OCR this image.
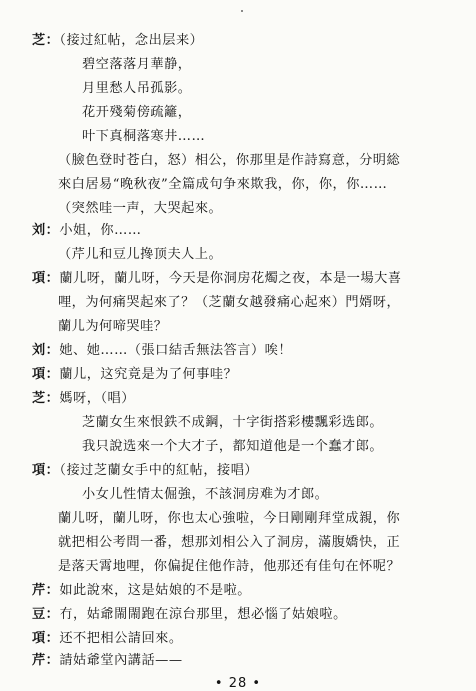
芝：（接过紅帖，念出层来）
碧空落落月華静，
月里愁人吊孤影。
花开殘菊傍疏籬，
叶下真桐落寒井……
（臉色登时苍白，怒）相公，你那里是作詩寫意，分明総
來白居易“晚秋夜”全篇成句争來欺我，你，你，你……
（突然哇一声，大哭起來。
刘：小姐，你……
（芹儿和豆儿搀顶夫人上。
項：蘭儿呀，蘭儿呀，今天是你洞房花燭之夜，本是一場大喜
哩，为何痛哭起來了？（芝蘭女越發痛心起來）門婿呀，
蘭儿为何啼哭哇？
刘：她、她……（張口結舌無法答言）唉！
項：蘭儿，这究竟是为了何事哇？
芝：媽呀，（唱）
芝蘭女生來恨鉄不成鋼，十字街搭彩樓飄彩选郎。
我只說选來一个大才子，都知道他是一个蠢才郎。
項：（接过芝蘭女手中的紅帖，接唱）
小女儿性情太倔強，不該洞房难为才郎。
蘭儿呀，蘭儿呀，你也太心強啦，今日剛剛拜堂成親，你
就把相公考問一番，想那刘相公入了洞房，滿腹嬌快，正
是落天霄地哩，你偏捉住他作詩，他那还有佳句在怀呢？
芹：如此說來，这是姑娘的不是啦。
豆：冇，姑爺閙閙跑在涼台那里，想必惱了姑娘啦。
項：还不把相公請回來。
芹：請姑爺堂內講話——
• 28 •
